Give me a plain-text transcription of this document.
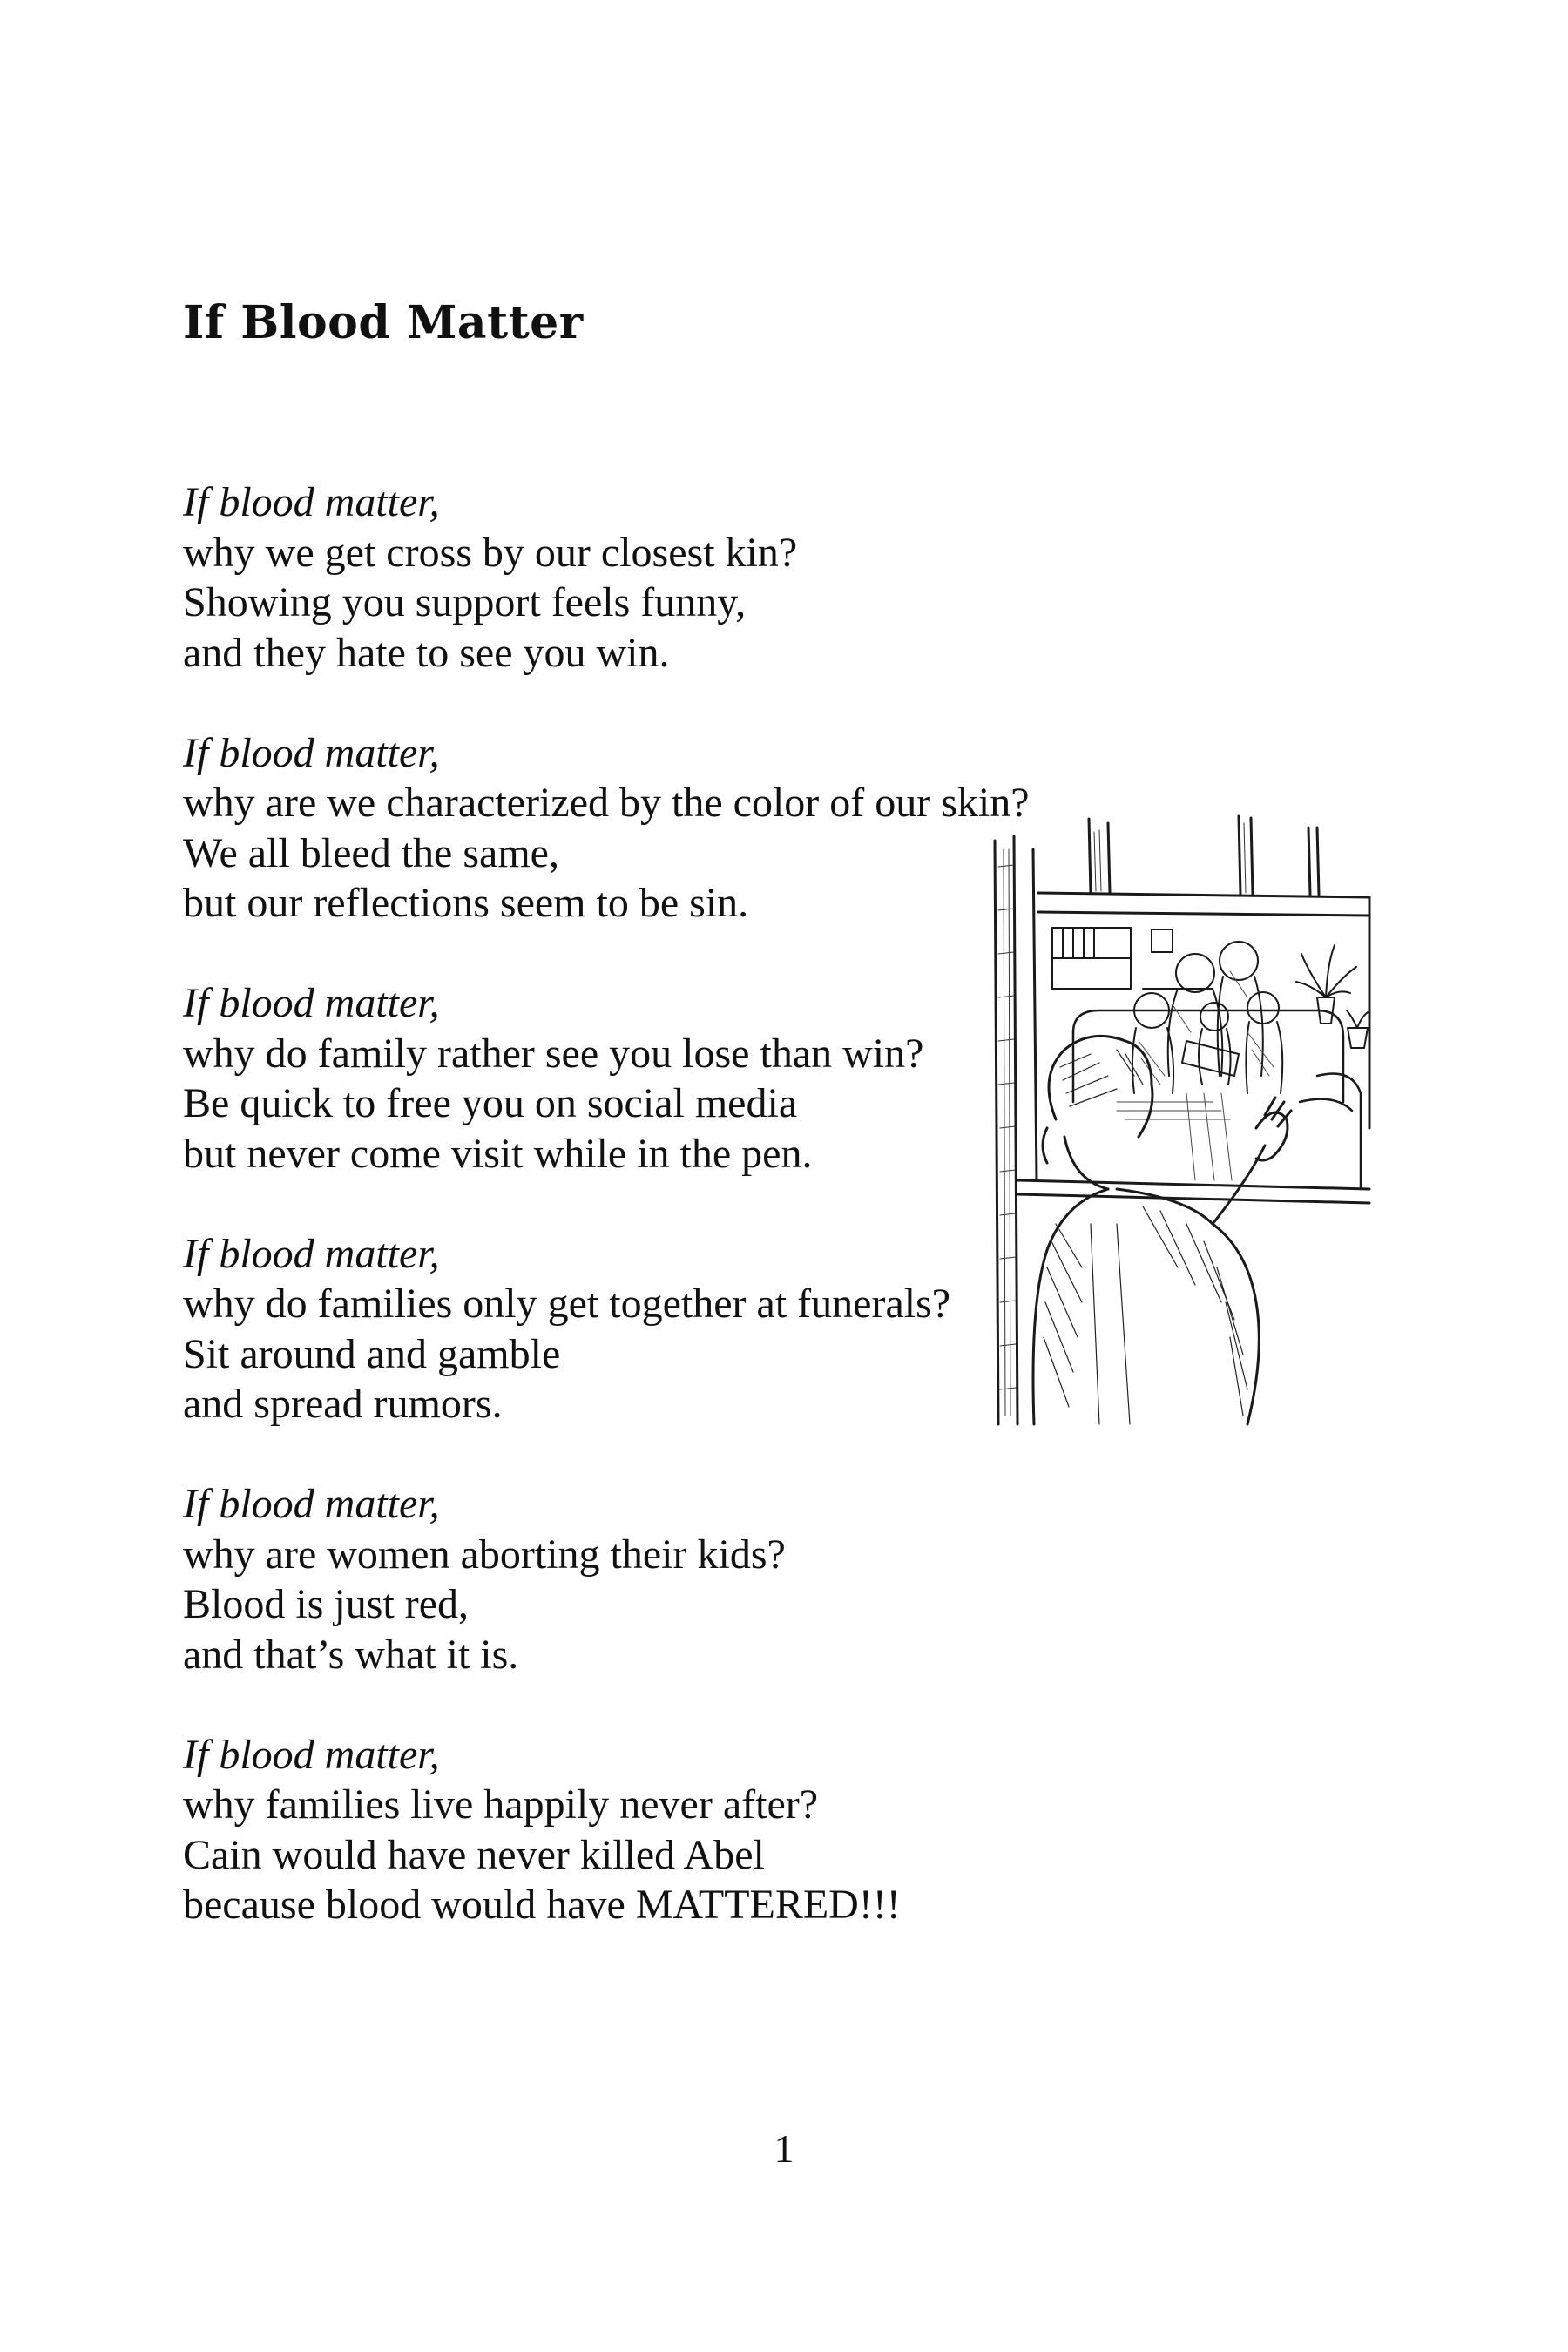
If Blood Matter
If blood matter,
why we get cross by our closest kin?
Showing you support feels funny,
and they hate to see you win.
If blood matter,
why are we characterized by the color of our skin?
We all bleed the same,
but our reflections seem to be sin.
If blood matter,
why do family rather see you lose than win?
Be quick to free you on social media
but never come visit while in the pen.
If blood matter,
why do families only get together at funerals?
Sit around and gamble
and spread rumors.
If blood matter,
why are women aborting their kids?
Blood is just red,
and that’s what it is.
If blood matter,
why families live happily never after?
Cain would have never killed Abel
because blood would have MATTERED!!!
1
